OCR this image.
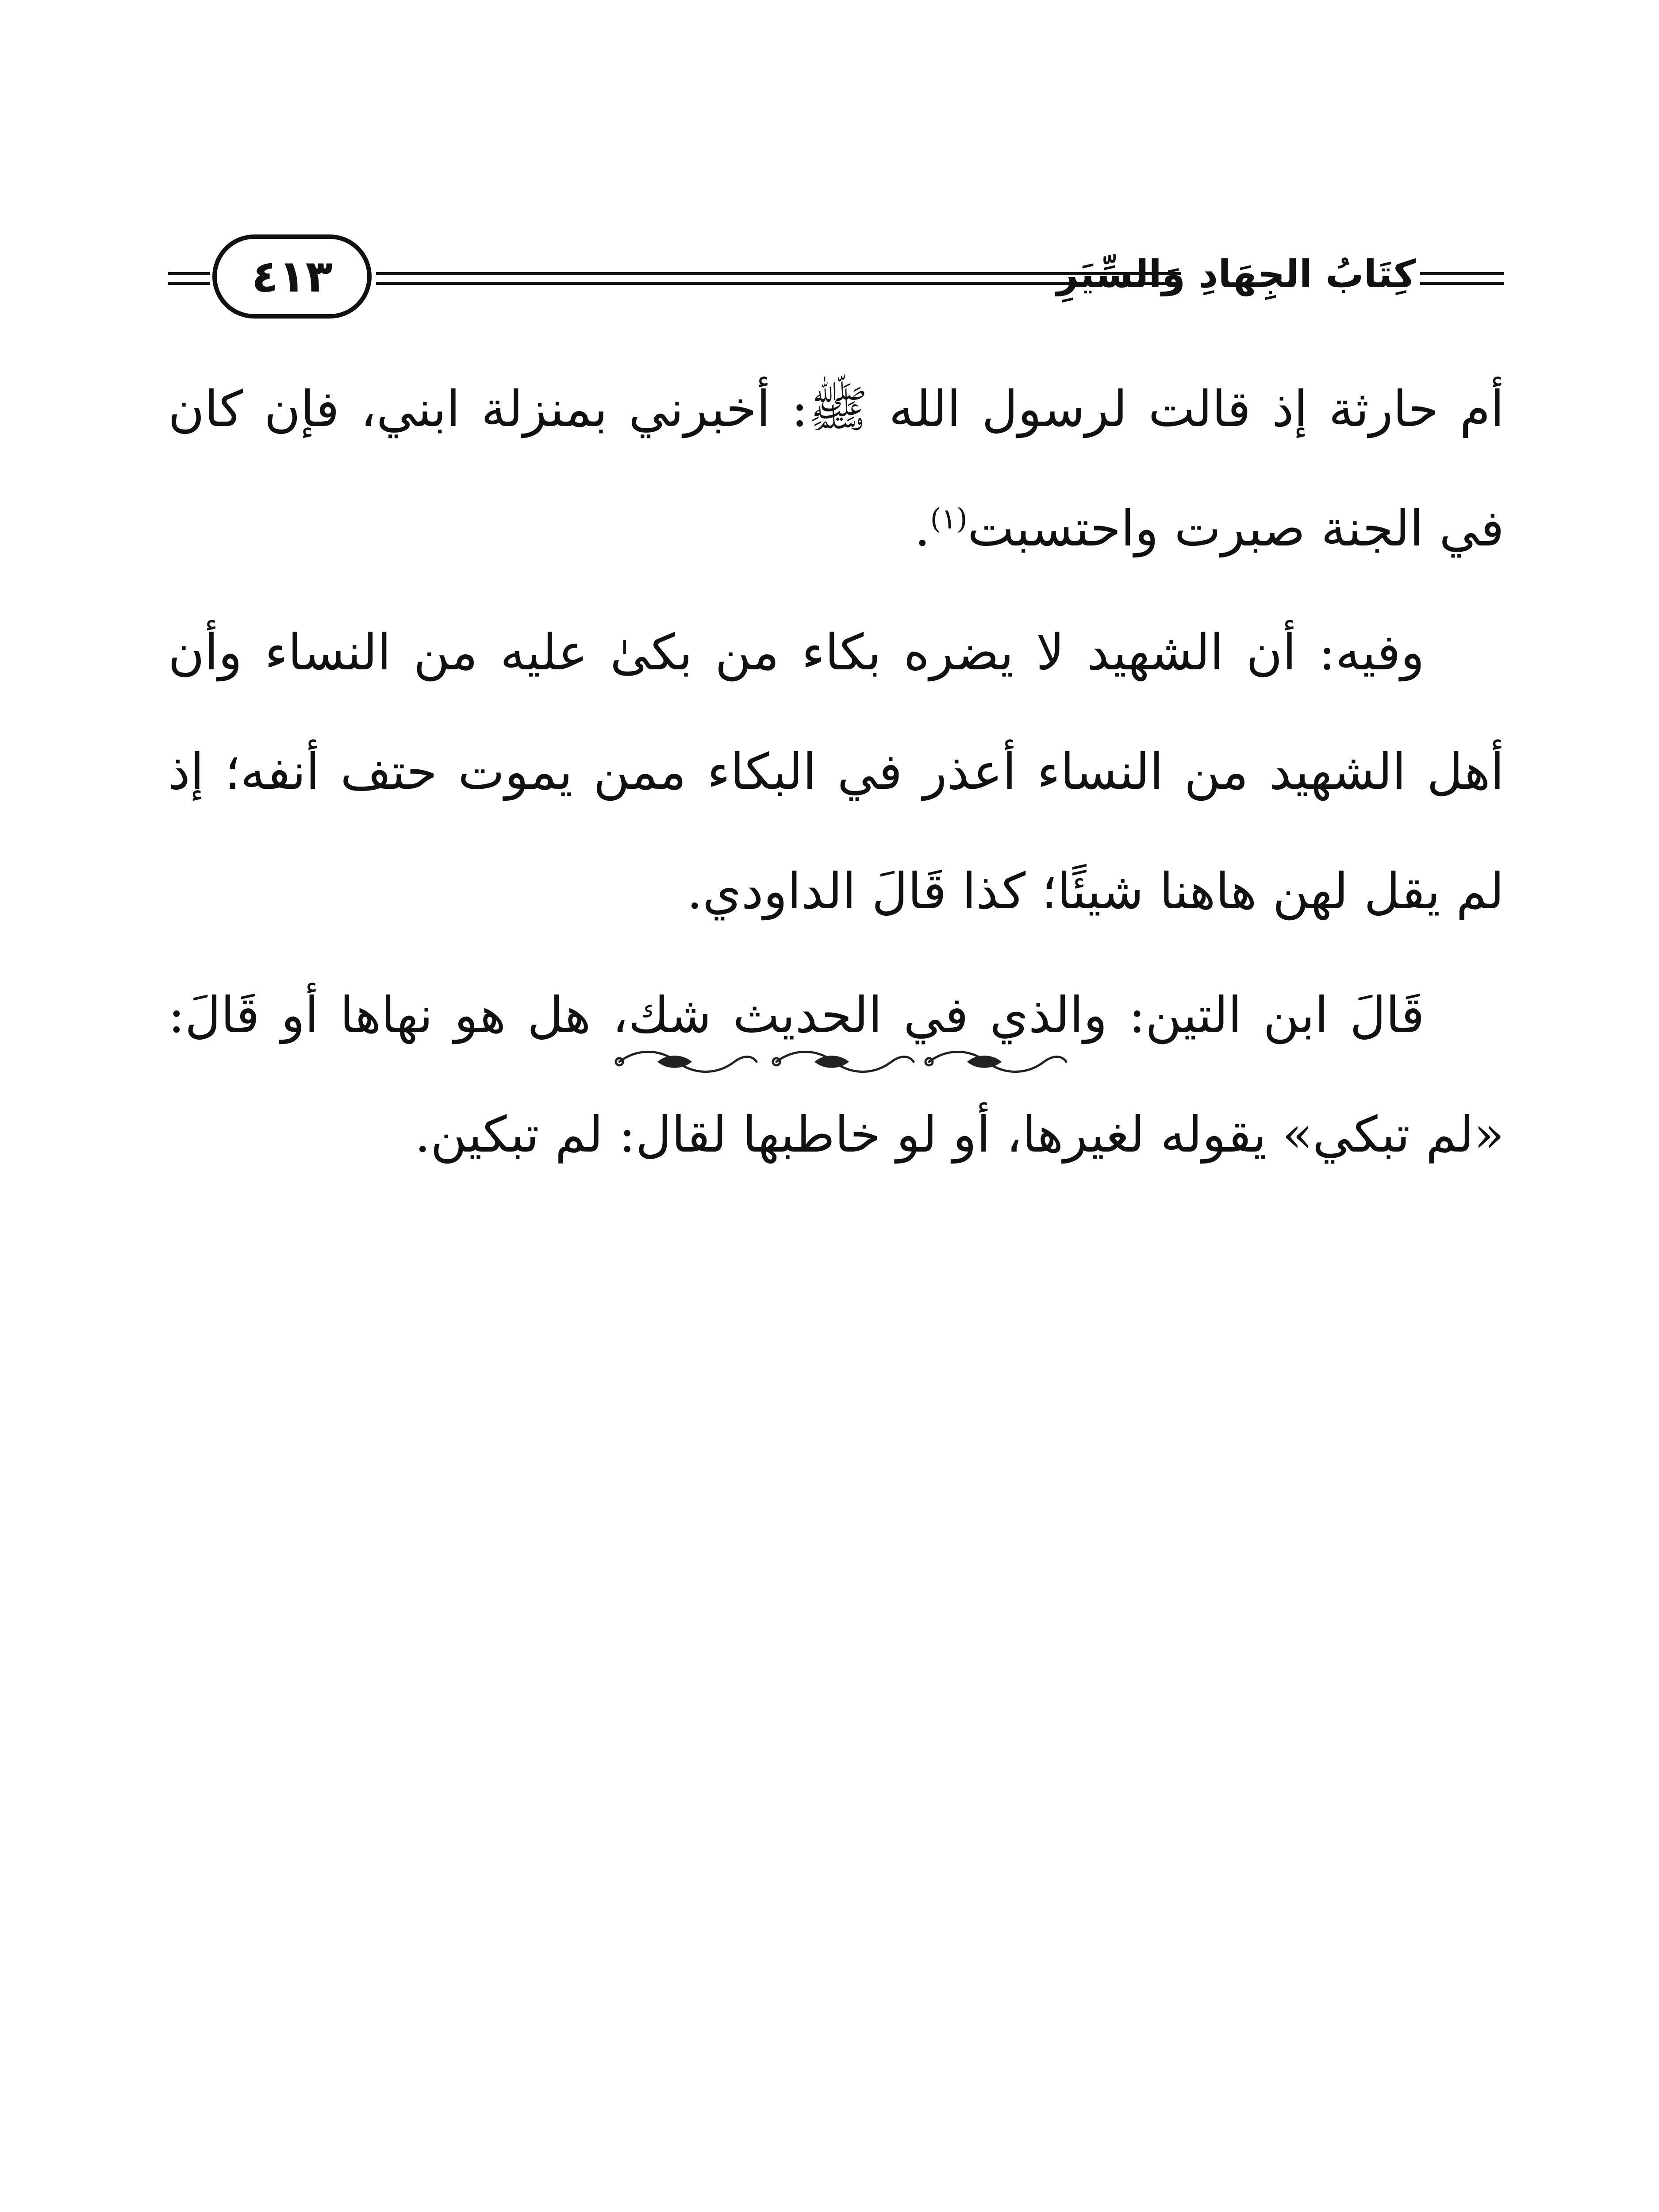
٤١٣	كِتَابُ الجِهَادِ وَالسِّيَرِ

أم حارثة إذ قالت لرسول الله ﷺ: أخبرني بمنزلة ابني، فإن كان في الجنة صبرت واحتسبت$^{(١)}$.

وفيه: أن الشهيد لا يضره بكاء من بكىٰ عليه من النساء وأن أهل الشهيد من النساء أعذر في البكاء ممن يموت حتف أنفه؛ إذ لم يقل لهن هاهنا شيئًا؛ كذا قَالَ الداودي.

قَالَ ابن التين: والذي في الحديث شك، هل هو نهاها أو قَالَ: «لم تبكي» يقوله لغيرها، أو لو خاطبها لقال: لم تبكين.
